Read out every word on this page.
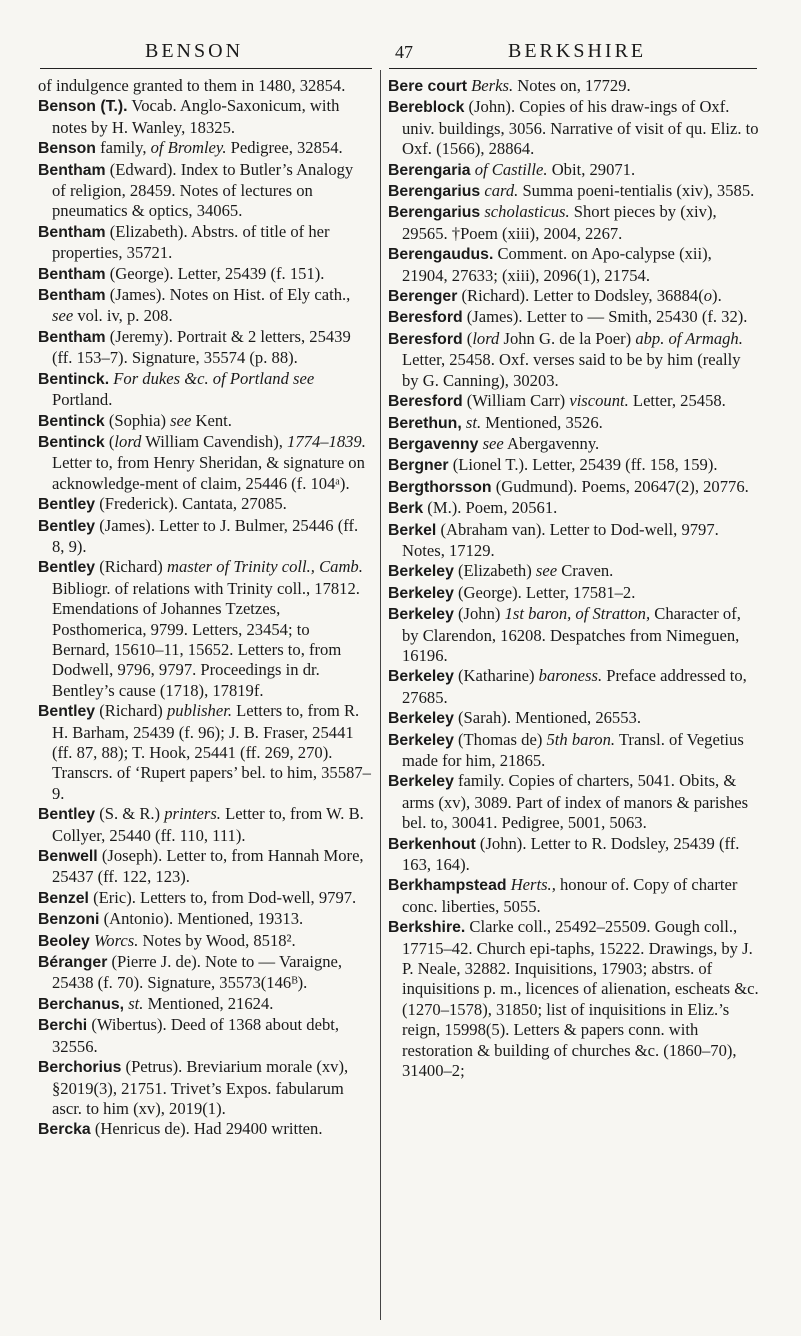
BENSON	47	BERKSHIRE

of indulgence granted to them in 1480, 32854.

Benson (T.). Vocab. Anglo-Saxonicum, with notes by H. Wanley, 18325.

Benson family, of Bromley. Pedigree, 32854.

Bentham (Edward). Index to Butler’s Analogy of religion, 28459. Notes of lectures on pneumatics & optics, 34065.

Bentham (Elizabeth). Abstrs. of title of her properties, 35721.

Bentham (George). Letter, 25439 (f. 151).

Bentham (James). Notes on Hist. of Ely cath., see vol. iv, p. 208.

Bentham (Jeremy). Portrait & 2 letters, 25439 (ff. 153–7). Signature, 35574 (p. 88).

Bentinck. For dukes &c. of Portland see Portland.

Bentinck (Sophia) see Kent.

Bentinck (lord William Cavendish), 1774–1839. Letter to, from Henry Sheridan, & signature on acknowledge-ment of claim, 25446 (f. 104ᵃ).

Bentley (Frederick). Cantata, 27085.

Bentley (James). Letter to J. Bulmer, 25446 (ff. 8, 9).

Bentley (Richard) master of Trinity coll., Camb. Bibliogr. of relations with Trinity coll., 17812. Emendations of Johannes Tzetzes, Posthomerica, 9799. Letters, 23454; to Bernard, 15610–11, 15652. Letters to, from Dodwell, 9796, 9797. Proceedings in dr. Bentley’s cause (1718), 17819f.

Bentley (Richard) publisher. Letters to, from R. H. Barham, 25439 (f. 96); J. B. Fraser, 25441 (ff. 87, 88); T. Hook, 25441 (ff. 269, 270). Transcrs. of ‘Rupert papers’ bel. to him, 35587–9.

Bentley (S. & R.) printers. Letter to, from W. B. Collyer, 25440 (ff. 110, 111).

Benwell (Joseph). Letter to, from Hannah More, 25437 (ff. 122, 123).

Benzel (Eric). Letters to, from Dod-well, 9797.

Benzoni (Antonio). Mentioned, 19313.

Beoley Worcs. Notes by Wood, 8518².

Béranger (Pierre J. de). Note to — Varaigne, 25438 (f. 70). Signature, 35573(146ᴮ).

Berchanus, st. Mentioned, 21624.

Berchi (Wibertus). Deed of 1368 about debt, 32556.

Berchorius (Petrus). Breviarium morale (xv), §2019(3), 21751. Trivet’s Expos. fabularum ascr. to him (xv), 2019(1).

Bercka (Henricus de). Had 29400 written.

Bere court Berks. Notes on, 17729.

Bereblock (John). Copies of his draw-ings of Oxf. univ. buildings, 3056. Narrative of visit of qu. Eliz. to Oxf. (1566), 28864.

Berengaria of Castille. Obit, 29071.

Berengarius card. Summa poeni-tentialis (xiv), 3585.

Berengarius scholasticus. Short pieces by (xiv), 29565. †Poem (xiii), 2004, 2267.

Berengaudus. Comment. on Apo-calypse (xii), 21904, 27633; (xiii), 2096(1), 21754.

Berenger (Richard). Letter to Dodsley, 36884(o).

Beresford (James). Letter to — Smith, 25430 (f. 32).

Beresford (lord John G. de la Poer) abp. of Armagh. Letter, 25458. Oxf. verses said to be by him (really by G. Canning), 30203.

Beresford (William Carr) viscount. Letter, 25458.

Berethun, st. Mentioned, 3526.

Bergavenny see Abergavenny.

Bergner (Lionel T.). Letter, 25439 (ff. 158, 159).

Bergthorsson (Gudmund). Poems, 20647(2), 20776.

Berk (M.). Poem, 20561.

Berkel (Abraham van). Letter to Dod-well, 9797. Notes, 17129.

Berkeley (Elizabeth) see Craven.

Berkeley (George). Letter, 17581–2.

Berkeley (John) 1st baron, of Stratton, Character of, by Clarendon, 16208. Despatches from Nimeguen, 16196.

Berkeley (Katharine) baroness. Preface addressed to, 27685.

Berkeley (Sarah). Mentioned, 26553.

Berkeley (Thomas de) 5th baron. Transl. of Vegetius made for him, 21865.

Berkeley family. Copies of charters, 5041. Obits, & arms (xv), 3089. Part of index of manors & parishes bel. to, 30041. Pedigree, 5001, 5063.

Berkenhout (John). Letter to R. Dodsley, 25439 (ff. 163, 164).

Berkhampstead Herts., honour of. Copy of charter conc. liberties, 5055.

Berkshire. Clarke coll., 25492–25509. Gough coll., 17715–42. Church epi-taphs, 15222. Drawings, by J. P. Neale, 32882. Inquisitions, 17903; abstrs. of inquisitions p. m., licences of alienation, escheats &c. (1270–1578), 31850; list of inquisitions in Eliz.’s reign, 15998(5). Letters & papers conn. with restoration & building of churches &c. (1860–70), 31400–2;
